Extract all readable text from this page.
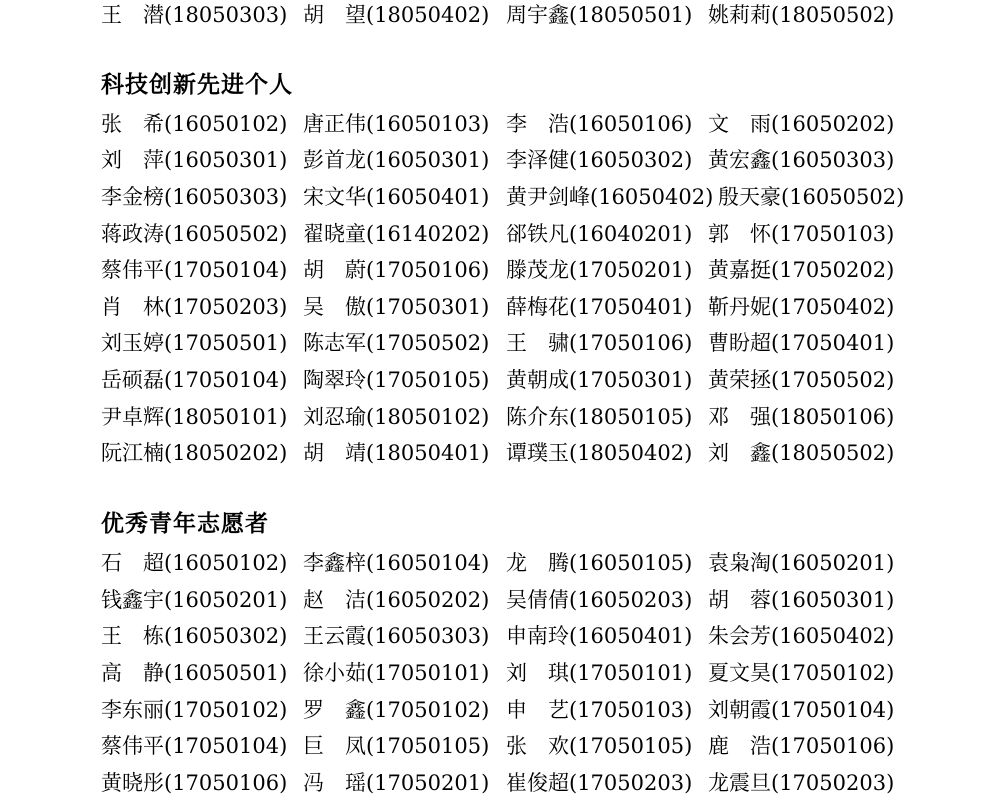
王　潜(18050303) 胡　望(18050402) 周宇鑫(18050501) 姚莉莉(18050502)
科技创新先进个人
张　希(16050102) 唐正伟(16050103) 李　浩(16050106) 文　雨(16050202)
刘　萍(16050301) 彭首龙(16050301) 李泽健(16050302) 黄宏鑫(16050303)
李金榜(16050303) 宋文华(16050401) 黄尹剑峰(16050402) 殷天豪(16050502)
蒋政涛(16050502) 翟晓童(16140202) 郤铁凡(16040201) 郭　怀(17050103)
蔡伟平(17050104) 胡　蔚(17050106) 滕茂龙(17050201) 黄嘉挺(17050202)
肖　林(17050203) 吴　傲(17050301) 薛梅花(17050401) 靳丹妮(17050402)
刘玉婷(17050501) 陈志军(17050502) 王　骕(17050106) 曹盼超(17050401)
岳硕磊(17050104) 陶翠玲(17050105) 黄朝成(17050301) 黄荣拯(17050502)
尹卓辉(18050101) 刘忍瑜(18050102) 陈介东(18050105) 邓　强(18050106)
阮江楠(18050202) 胡　靖(18050401) 谭璞玉(18050402) 刘　鑫(18050502)
优秀青年志愿者
石　超(16050102) 李鑫梓(16050104) 龙　腾(16050105) 袁枭淘(16050201)
钱鑫宇(16050201) 赵　洁(16050202) 吴倩倩(16050203) 胡　蓉(16050301)
王　栋(16050302) 王云霞(16050303) 申南玲(16050401) 朱会芳(16050402)
高　静(16050501) 徐小茹(17050101) 刘　琪(17050101) 夏文昊(17050102)
李东丽(17050102) 罗　鑫(17050102) 申　艺(17050103) 刘朝霞(17050104)
蔡伟平(17050104) 巨　凤(17050105) 张　欢(17050105) 鹿　浩(17050106)
黄晓彤(17050106) 冯　瑶(17050201) 崔俊超(17050203) 龙震旦(17050203)
